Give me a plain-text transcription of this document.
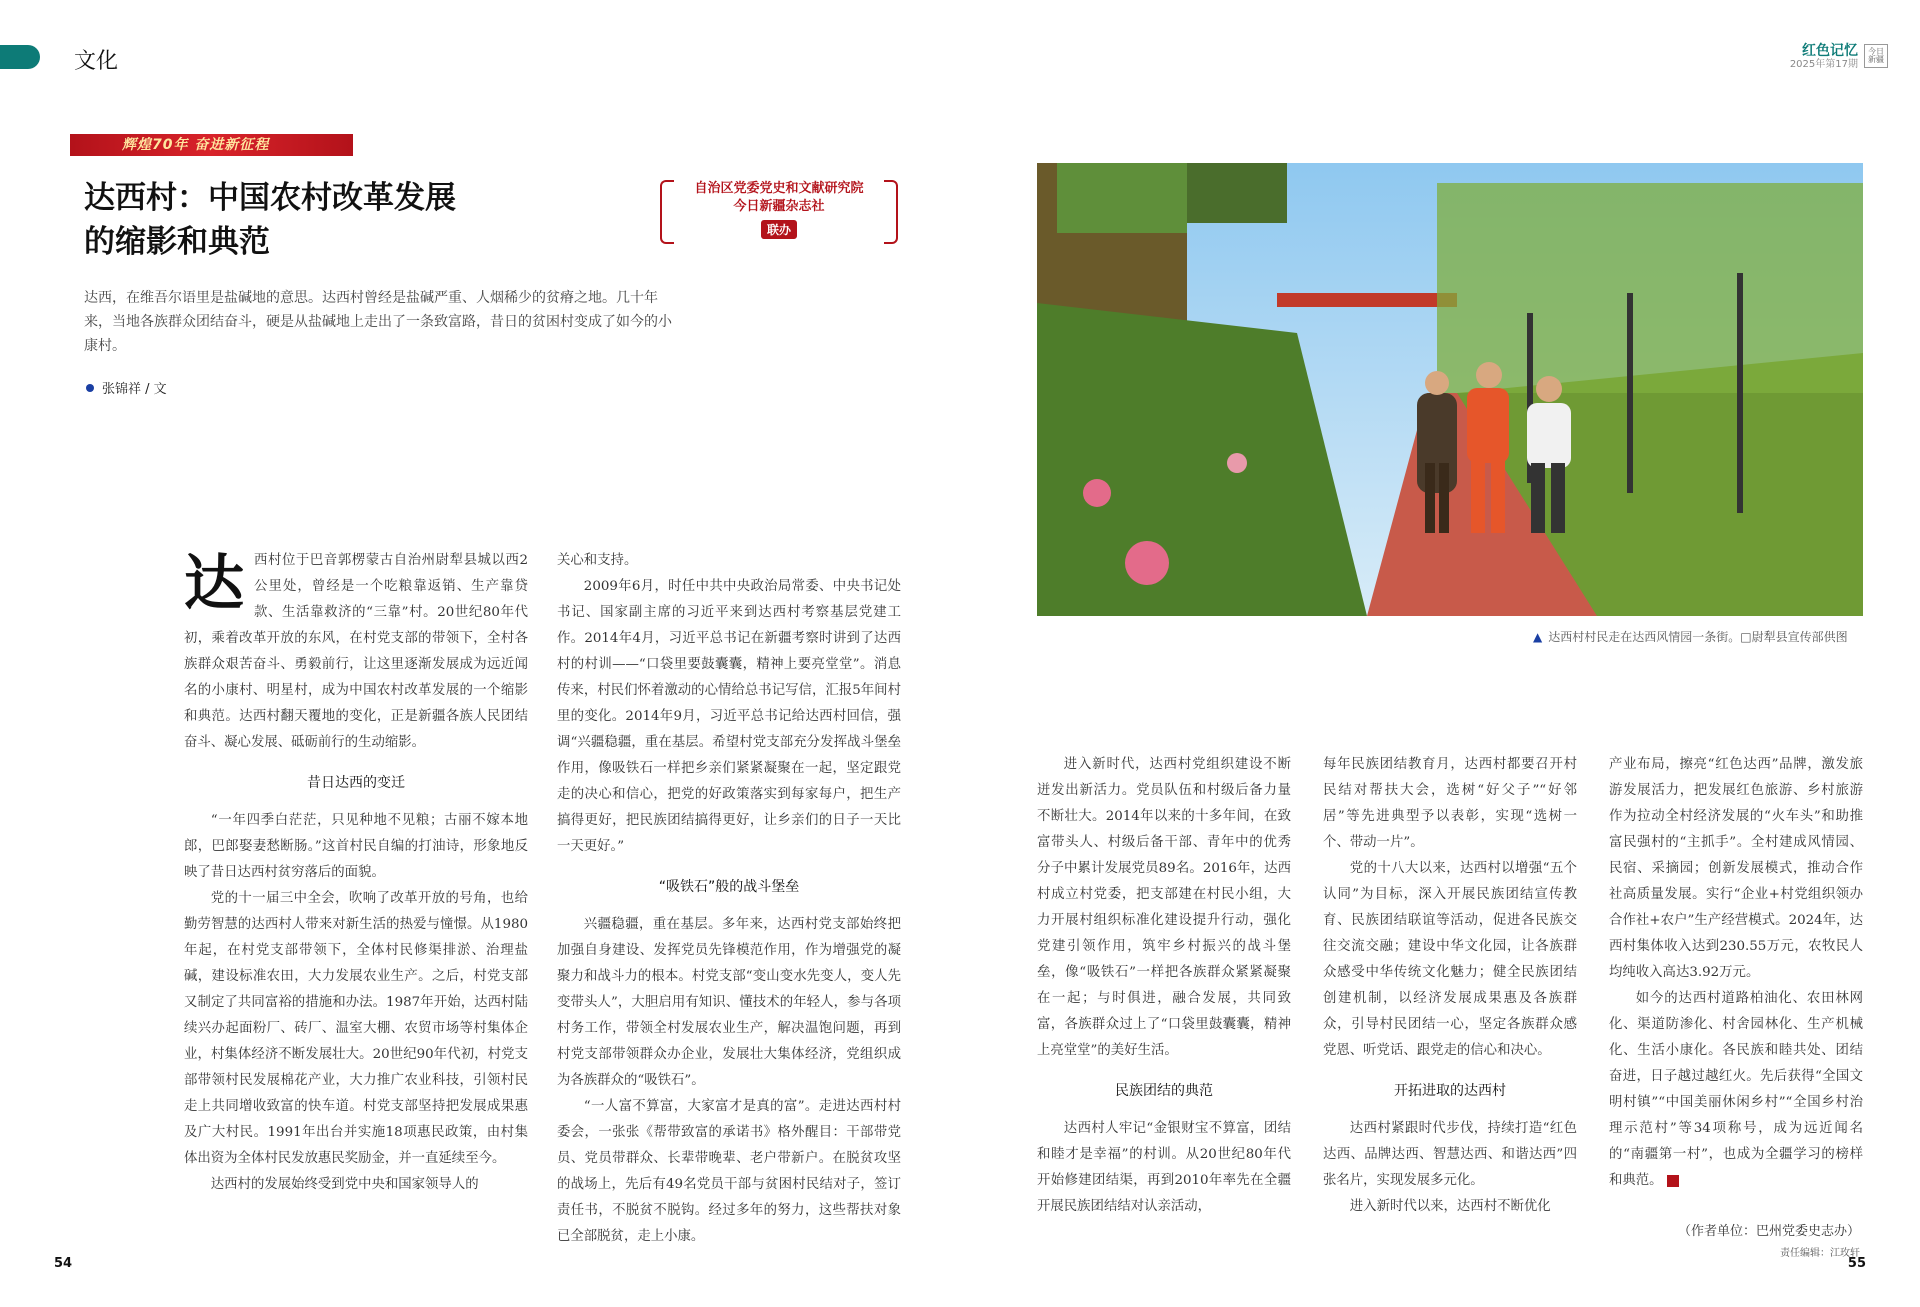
文化	红色记忆
2025年第17期
今日新疆
辉煌70年 奋进新征程
达西村：中国农村改革发展
的缩影和典范
自治区党委党史和文献研究院
今日新疆杂志社
联办
达西，在维吾尔语里是盐碱地的意思。达西村曾经是盐碱严重、人烟稀少的贫瘠之地。几十年来，当地各族群众团结奋斗，硬是从盐碱地上走出了一条致富路，昔日的贫困村变成了如今的小康村。
张锦祥 / 文

达西村位于巴音郭楞蒙古自治州尉犁县城以西2公里处，曾经是一个吃粮靠返销、生产靠贷款、生活靠救济的“三靠”村。20世纪80年代初，乘着改革开放的东风，在村党支部的带领下，全村各族群众艰苦奋斗、勇毅前行，让这里逐渐发展成为远近闻名的小康村、明星村，成为中国农村改革发展的一个缩影和典范。达西村翻天覆地的变化，正是新疆各族人民团结奋斗、凝心发展、砥砺前行的生动缩影。

昔日达西的变迁

“一年四季白茫茫，只见种地不见粮；古丽不嫁本地郎，巴郎娶妻愁断肠。”这首村民自编的打油诗，形象地反映了昔日达西村贫穷落后的面貌。

党的十一届三中全会，吹响了改革开放的号角，也给勤劳智慧的达西村人带来对新生活的热爱与憧憬。从1980年起，在村党支部带领下，全体村民修渠排淤、治理盐碱，建设标准农田，大力发展农业生产。之后，村党支部又制定了共同富裕的措施和办法。1987年开始，达西村陆续兴办起面粉厂、砖厂、温室大棚、农贸市场等村集体企业，村集体经济不断发展壮大。20世纪90年代初，村党支部带领村民发展棉花产业，大力推广农业科技，引领村民走上共同增收致富的快车道。村党支部坚持把发展成果惠及广大村民。1991年出台并实施18项惠民政策，由村集体出资为全体村民发放惠民奖励金，并一直延续至今。

达西村的发展始终受到党中央和国家领导人的

关心和支持。

2009年6月，时任中共中央政治局常委、中央书记处书记、国家副主席的习近平来到达西村考察基层党建工作。2014年4月，习近平总书记在新疆考察时讲到了达西村的村训——“口袋里要鼓囊囊，精神上要亮堂堂”。消息传来，村民们怀着激动的心情给总书记写信，汇报5年间村里的变化。2014年9月，习近平总书记给达西村回信，强调“兴疆稳疆，重在基层。希望村党支部充分发挥战斗堡垒作用，像吸铁石一样把乡亲们紧紧凝聚在一起，坚定跟党走的决心和信心，把党的好政策落实到每家每户，把生产搞得更好，把民族团结搞得更好，让乡亲们的日子一天比一天更好。”

“吸铁石”般的战斗堡垒

兴疆稳疆，重在基层。多年来，达西村党支部始终把加强自身建设、发挥党员先锋模范作用，作为增强党的凝聚力和战斗力的根本。村党支部“变山变水先变人，变人先变带头人”，大胆启用有知识、懂技术的年轻人，参与各项村务工作，带领全村发展农业生产，解决温饱问题，再到村党支部带领群众办企业，发展壮大集体经济，党组织成为各族群众的“吸铁石”。

“一人富不算富，大家富才是真的富”。走进达西村村委会，一张张《帮带致富的承诺书》格外醒目：干部带党员、党员带群众、长辈带晚辈、老户带新户。在脱贫攻坚的战场上，先后有49名党员干部与贫困村民结对子，签订责任书，不脱贫不脱钩。经过多年的努力，这些帮扶对象已全部脱贫，走上小康。

▲ 达西村村民走在达西风情园一条街。□尉犁县宣传部供图

进入新时代，达西村党组织建设不断迸发出新活力。党员队伍和村级后备力量不断壮大。2014年以来的十多年间，在致富带头人、村级后备干部、青年中的优秀分子中累计发展党员89名。2016年，达西村成立村党委，把支部建在村民小组，大力开展村组织标准化建设提升行动，强化党建引领作用，筑牢乡村振兴的战斗堡垒，像“吸铁石”一样把各族群众紧紧凝聚在一起；与时俱进，融合发展，共同致富，各族群众过上了“口袋里鼓囊囊，精神上亮堂堂”的美好生活。

民族团结的典范

达西村人牢记“金银财宝不算富，团结和睦才是幸福”的村训。从20世纪80年代开始修建团结渠，再到2010年率先在全疆开展民族团结结对认亲活动，

每年民族团结教育月，达西村都要召开村民结对帮扶大会，选树“好父子”“好邻居”等先进典型予以表彰，实现“选树一个、带动一片”。

党的十八大以来，达西村以增强“五个认同”为目标，深入开展民族团结宣传教育、民族团结联谊等活动，促进各民族交往交流交融；建设中华文化园，让各族群众感受中华传统文化魅力；健全民族团结创建机制，以经济发展成果惠及各族群众，引导村民团结一心，坚定各族群众感党恩、听党话、跟党走的信心和决心。

开拓进取的达西村

达西村紧跟时代步伐，持续打造“红色达西、品牌达西、智慧达西、和谐达西”四张名片，实现发展多元化。

进入新时代以来，达西村不断优化

产业布局，擦亮“红色达西”品牌，激发旅游发展活力，把发展红色旅游、乡村旅游作为拉动全村经济发展的“火车头”和助推富民强村的“主抓手”。全村建成风情园、民宿、采摘园；创新发展模式，推动合作社高质量发展。实行“企业+村党组织领办合作社+农户”生产经营模式。2024年，达西村集体收入达到230.55万元，农牧民人均纯收入高达3.92万元。

如今的达西村道路柏油化、农田林网化、渠道防渗化、村舍园林化、生产机械化、生活小康化。各民族和睦共处、团结奋进，日子越过越红火。先后获得“全国文明村镇”“中国美丽休闲乡村”“全国乡村治理示范村”等34项称号，成为远近闻名的“南疆第一村”，也成为全疆学习的榜样和典范。

（作者单位：巴州党委史志办）
责任编辑：江玫轩
54	55
